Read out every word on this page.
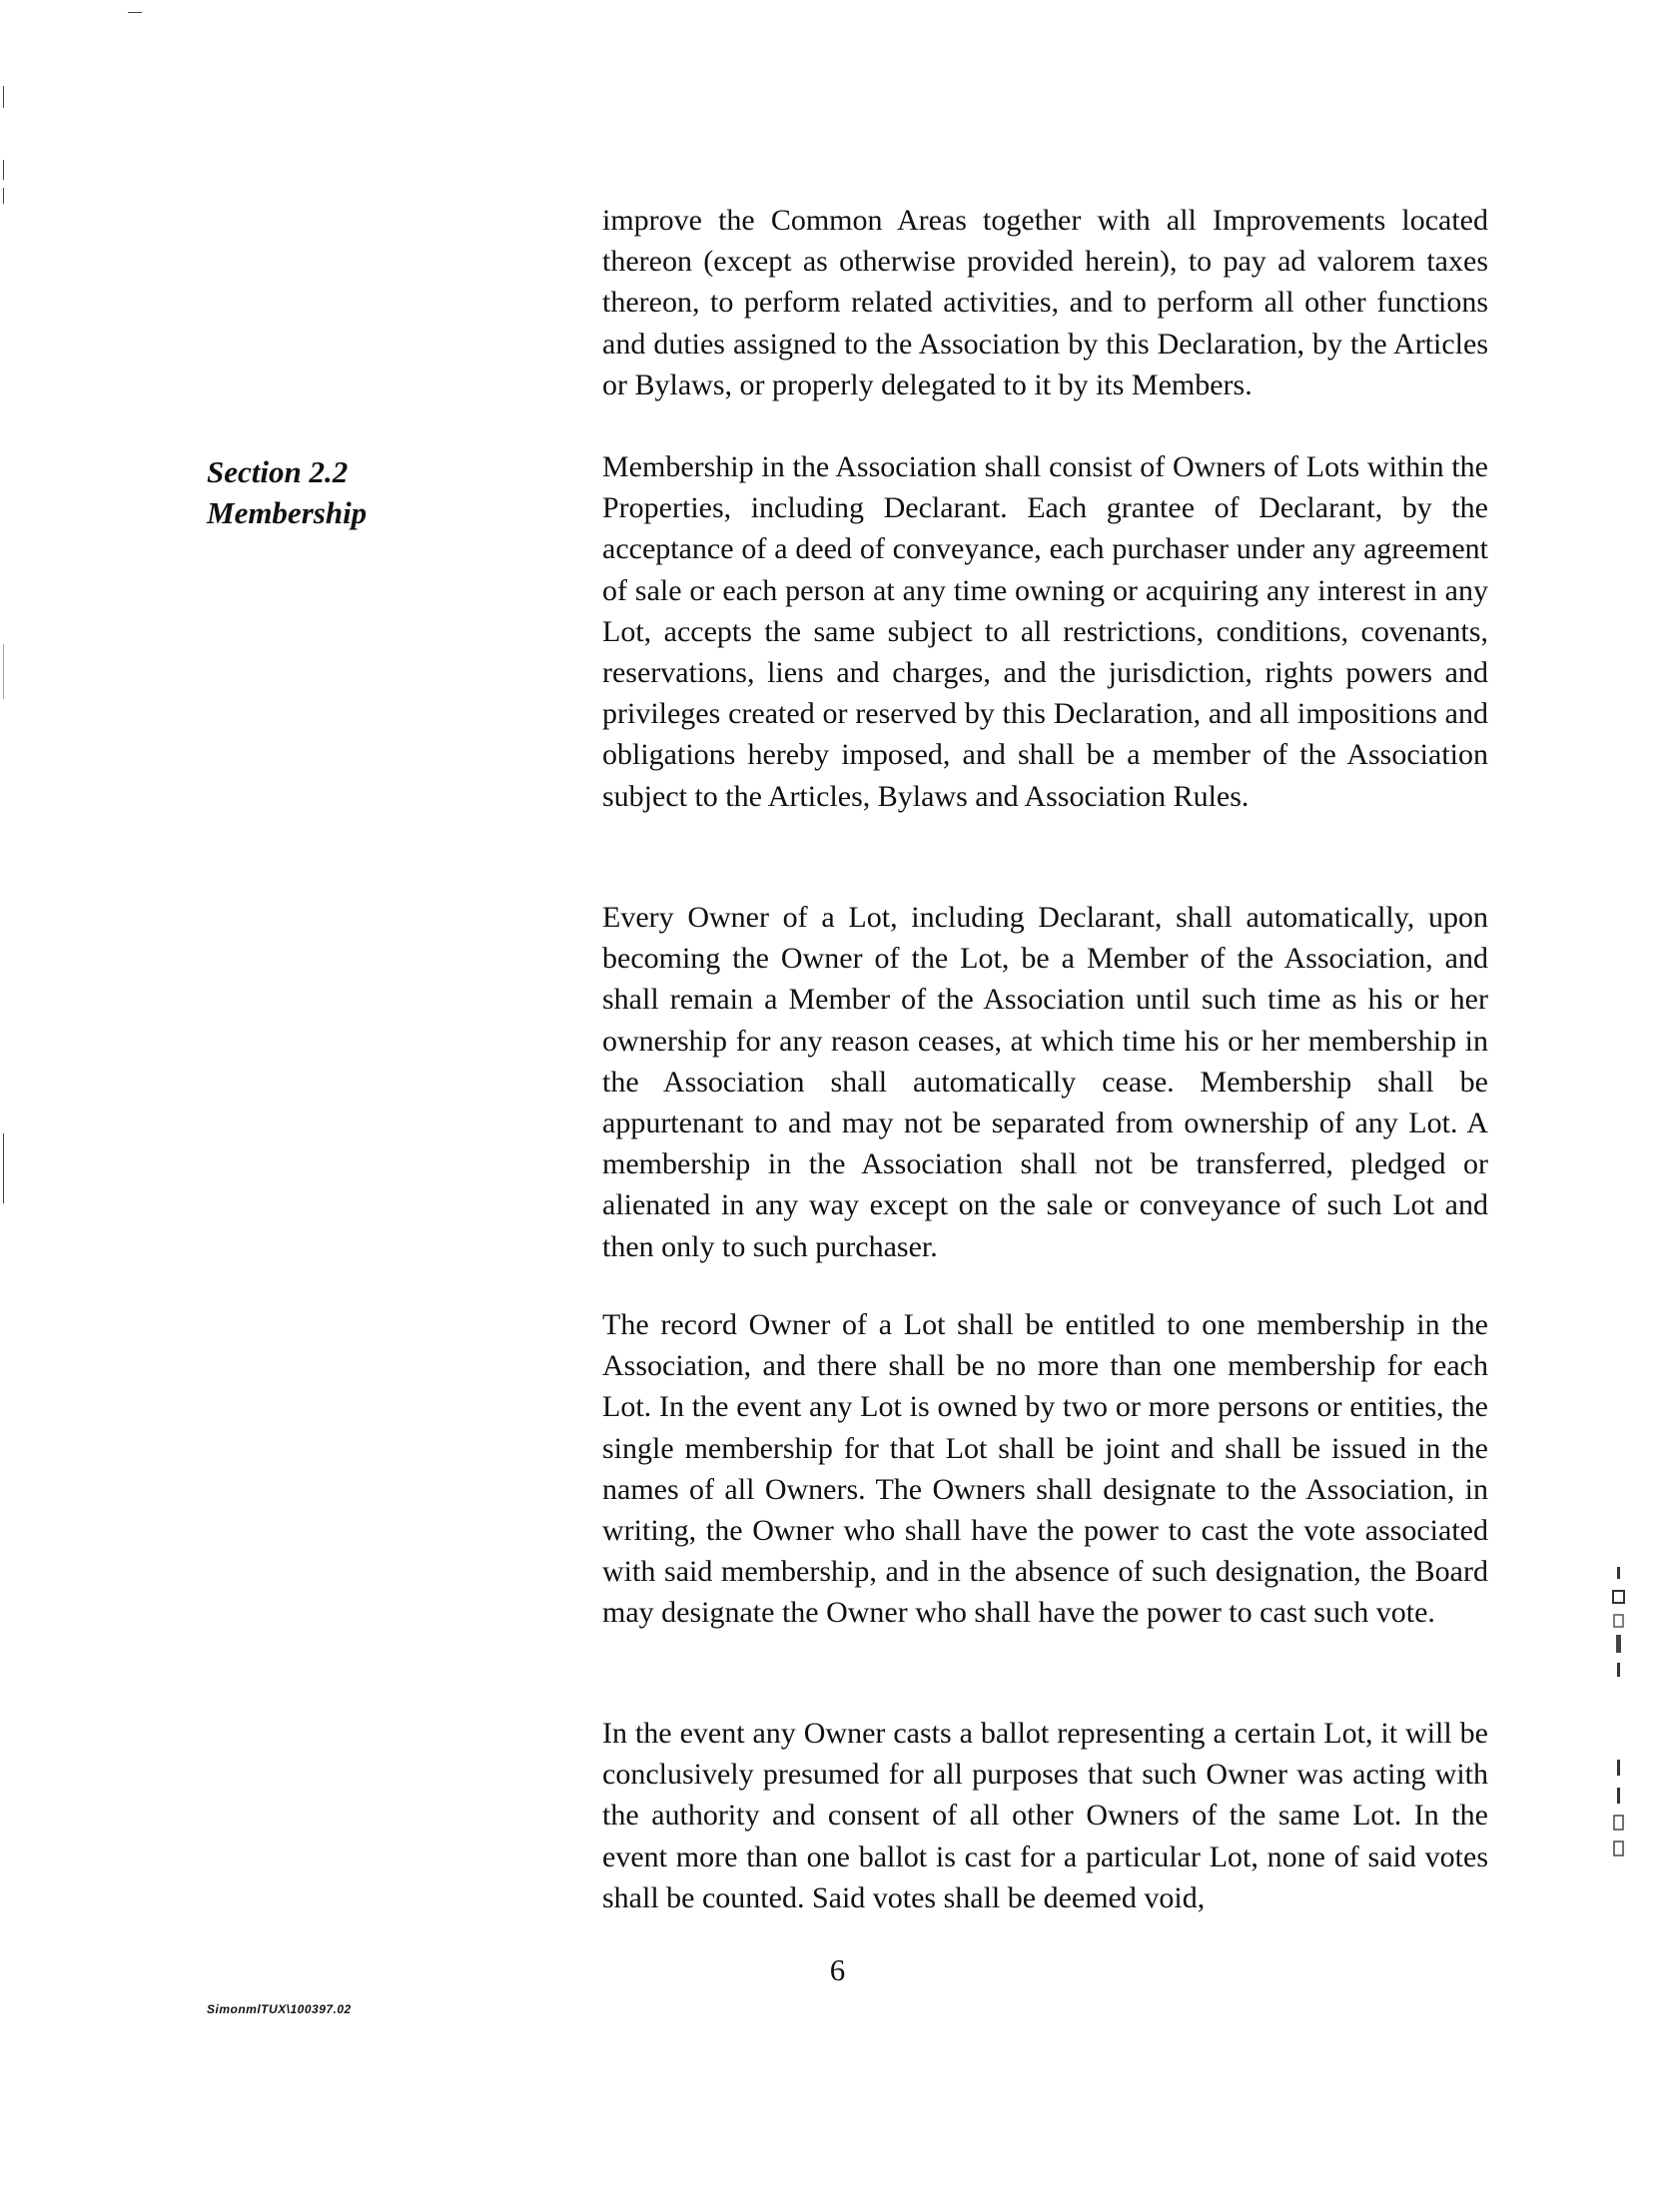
improve the Common Areas together with all Improvements located thereon (except as otherwise provided herein), to pay ad valorem taxes thereon, to perform related activities, and to perform all other functions and duties assigned to the Association by this Declaration, by the Articles or Bylaws, or properly delegated to it by its Members.

Section 2.2
Membership

Membership in the Association shall consist of Owners of Lots within the Properties, including Declarant. Each grantee of Declarant, by the acceptance of a deed of conveyance, each purchaser under any agreement of sale or each person at any time owning or acquiring any interest in any Lot, accepts the same subject to all restrictions, conditions, covenants, reservations, liens and charges, and the jurisdiction, rights powers and privileges created or reserved by this Declaration, and all impositions and obligations hereby imposed, and shall be a member of the Association subject to the Articles, Bylaws and Association Rules.

Every Owner of a Lot, including Declarant, shall automatically, upon becoming the Owner of the Lot, be a Member of the Association, and shall remain a Member of the Association until such time as his or her ownership for any reason ceases, at which time his or her membership in the Association shall automatically cease. Membership shall be appurtenant to and may not be separated from ownership of any Lot. A membership in the Association shall not be transferred, pledged or alienated in any way except on the sale or conveyance of such Lot and then only to such purchaser.

The record Owner of a Lot shall be entitled to one membership in the Association, and there shall be no more than one membership for each Lot. In the event any Lot is owned by two or more persons or entities, the single membership for that Lot shall be joint and shall be issued in the names of all Owners. The Owners shall designate to the Association, in writing, the Owner who shall have the power to cast the vote associated with said membership, and in the absence of such designation, the Board may designate the Owner who shall have the power to cast such vote.

In the event any Owner casts a ballot representing a certain Lot, it will be conclusively presumed for all purposes that such Owner was acting with the authority and consent of all other Owners of the same Lot. In the event more than one ballot is cast for a particular Lot, none of said votes shall be counted. Said votes shall be deemed void,

SimonmlTUX\100397.02
6
